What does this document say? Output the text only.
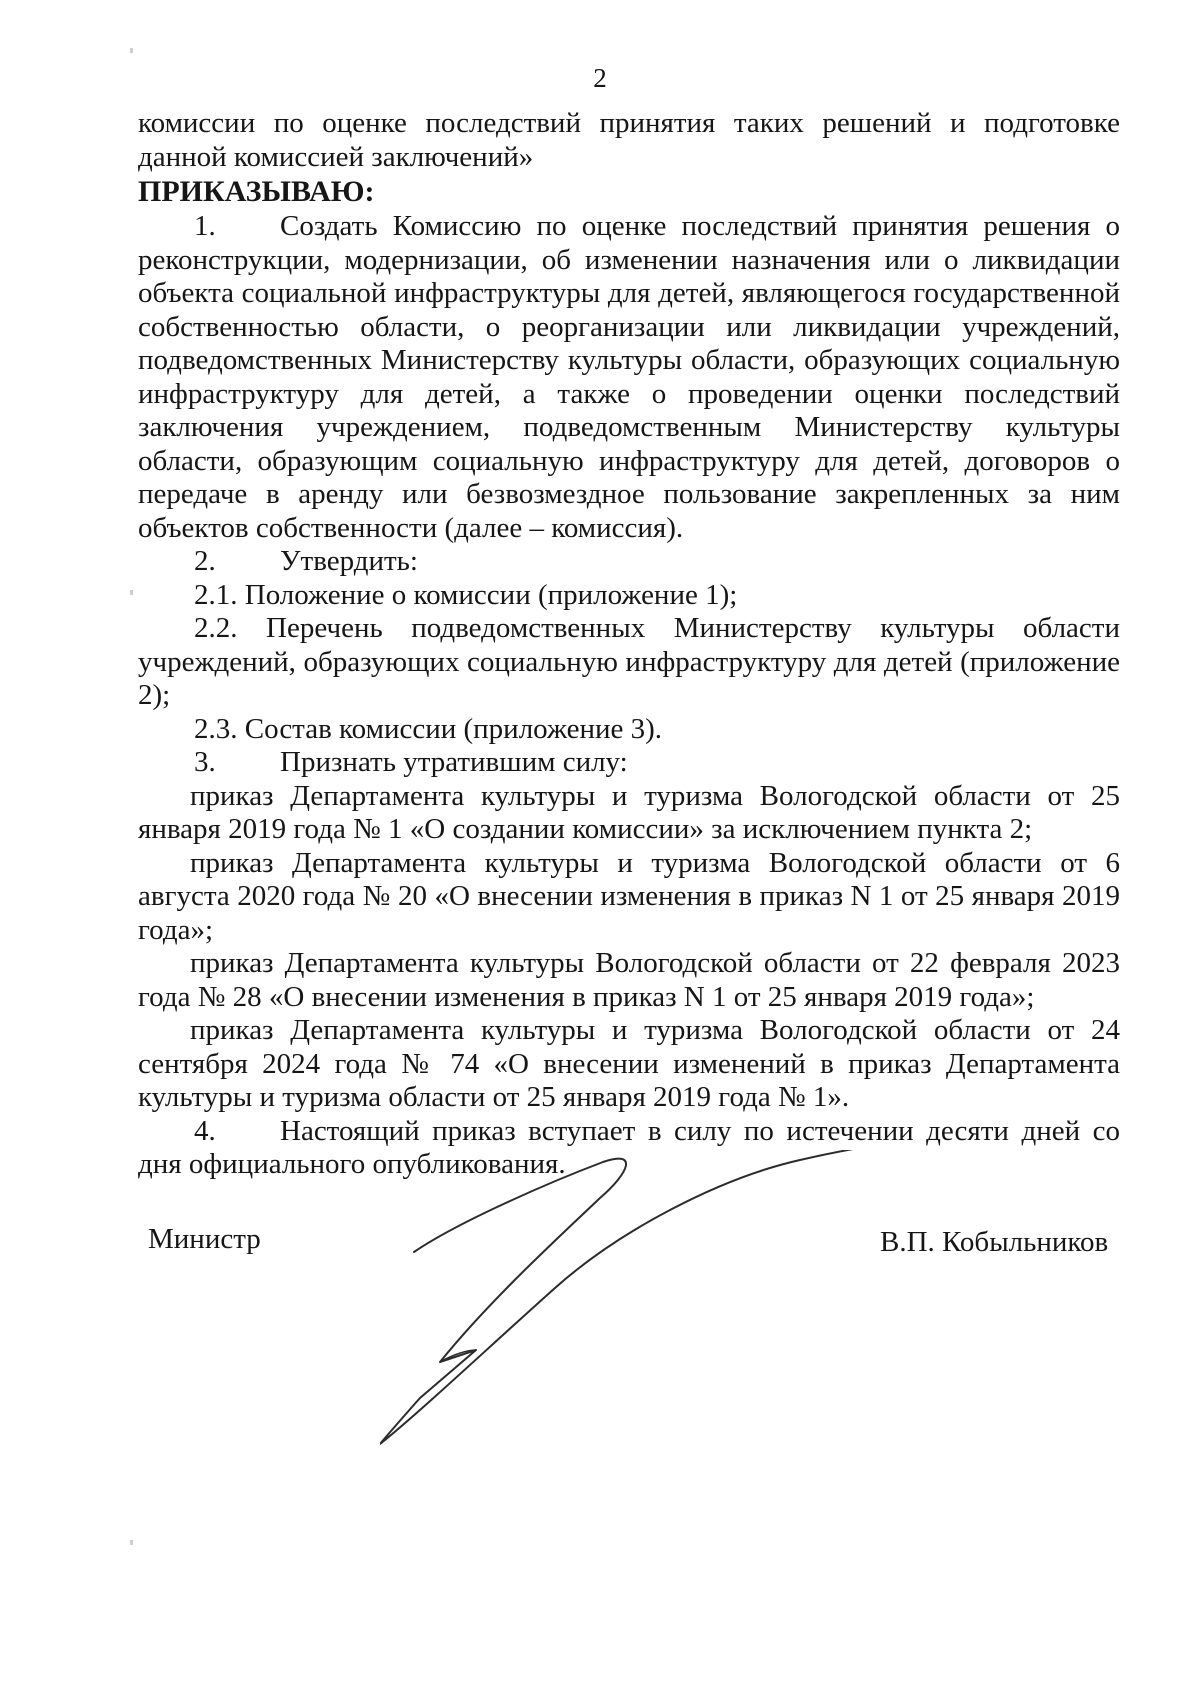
2

комиссии по оценке последствий принятия таких решений и подготовке данной комиссией заключений»

ПРИКАЗЫВАЮ:

1. Создать Комиссию по оценке последствий принятия решения о реконструкции, модернизации, об изменении назначения или о ликвидации объекта социальной инфраструктуры для детей, являющегося государственной собственностью области, о реорганизации или ликвидации учреждений, подведомственных Министерству культуры области, образующих социальную инфраструктуру для детей, а также о проведении оценки последствий заключения учреждением, подведомственным Министерству культуры области, образующим социальную инфраструктуру для детей, договоров о передаче в аренду или безвозмездное пользование закрепленных за ним объектов собственности (далее – комиссия).

2. Утвердить:

2.1. Положение о комиссии (приложение 1);

2.2. Перечень подведомственных Министерству культуры области учреждений, образующих социальную инфраструктуру для детей (приложение 2);

2.3. Состав комиссии (приложение 3).

3. Признать утратившим силу:

приказ Департамента культуры и туризма Вологодской области от 25 января 2019 года № 1 «О создании комиссии» за исключением пункта 2;

приказ Департамента культуры и туризма Вологодской области от 6 августа 2020 года № 20 «О внесении изменения в приказ N 1 от 25 января 2019 года»;

приказ Департамента культуры Вологодской области от 22 февраля 2023 года № 28 «О внесении изменения в приказ N 1 от 25 января 2019 года»;

приказ Департамента культуры и туризма Вологодской области от 24 сентября 2024 года № 74 «О внесении изменений в приказ Департамента культуры и туризма области от 25 января 2019 года № 1».

4. Настоящий приказ вступает в силу по истечении десяти дней со дня официального опубликования.

Министр	В.П. Кобыльников
